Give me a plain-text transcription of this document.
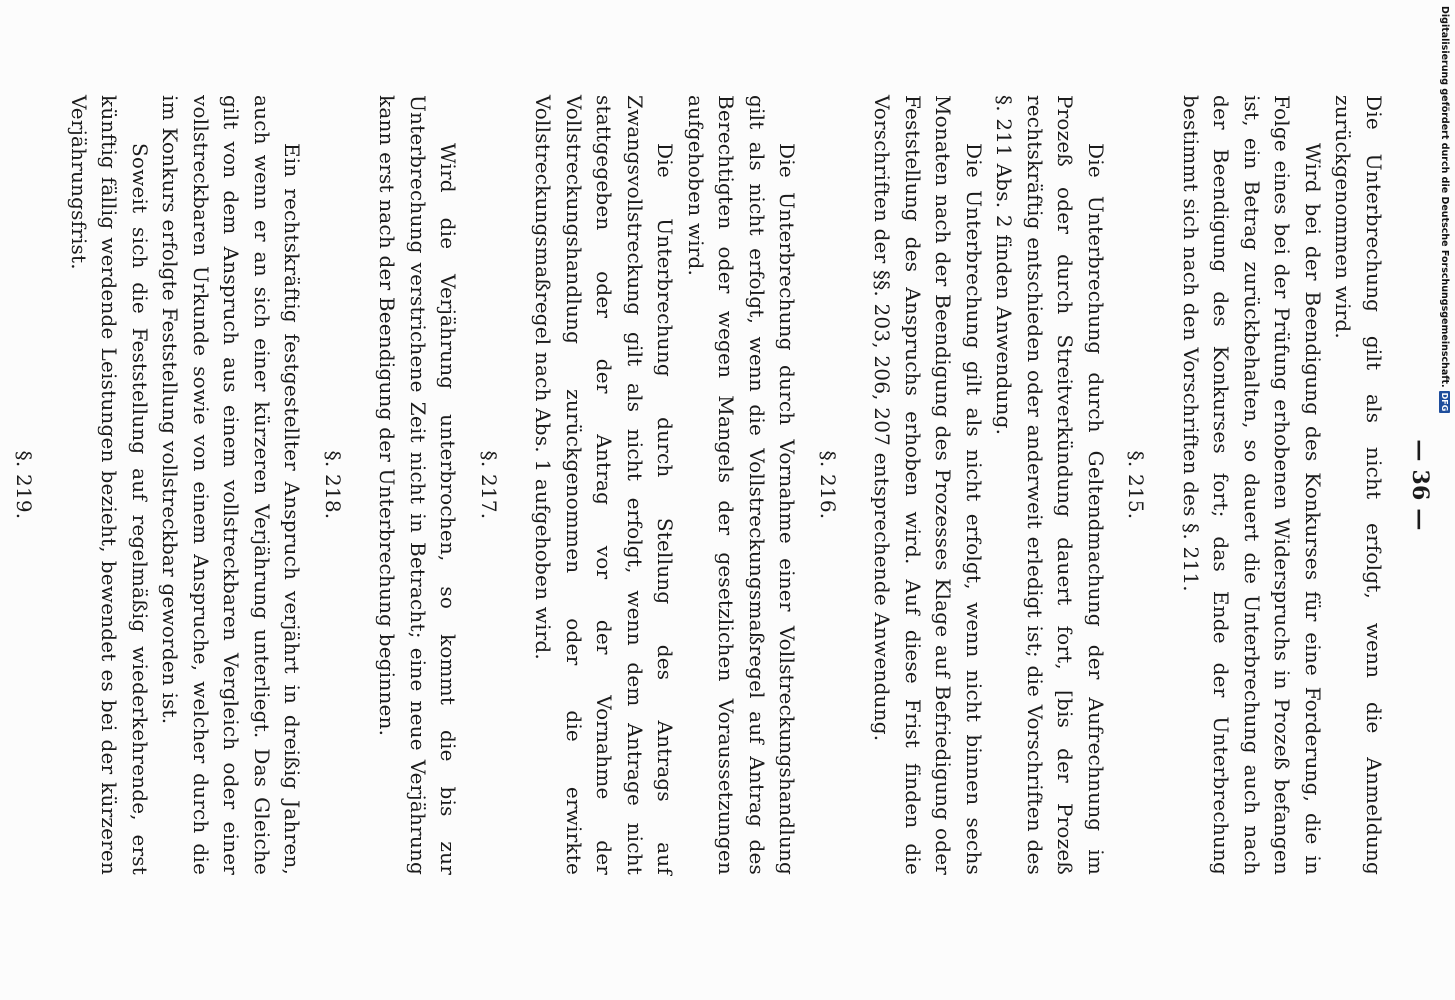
— 36 —

Die Unterbrechung gilt als nicht erfolgt, wenn die Anmeldung zurückgenommen wird.

Wird bei der Beendigung des Konkurses für eine Forderung, die in Folge eines bei der Prüfung erhobenen Widerspruchs in Prozeß befangen ist, ein Betrag zurückbehalten, so dauert die Unterbrechung auch nach der Beendigung des Konkurses fort; das Ende der Unterbrechung bestimmt sich nach den Vorschriften des §. 211.

§. 215.

Die Unterbrechung durch Geltendmachung der Aufrechnung im Prozeß oder durch Streitverkündung dauert fort, [bis der Prozeß rechtskräftig entschieden oder anderweit erledigt ist; die Vorschriften des §. 211 Abs. 2 finden Anwendung.

Die Unterbrechung gilt als nicht erfolgt, wenn nicht binnen sechs Monaten nach der Beendigung des Prozesses Klage auf Befriedigung oder Feststellung des Anspruchs erhoben wird. Auf diese Frist finden die Vorschriften der §§. 203, 206, 207 entsprechende Anwendung.

§. 216.

Die Unterbrechung durch Vornahme einer Vollstreckungshandlung gilt als nicht erfolgt, wenn die Vollstreckungsmaßregel auf Antrag des Berechtigten oder wegen Mangels der gesetzlichen Voraussetzungen aufgehoben wird.

Die Unterbrechung durch Stellung des Antrags auf Zwangsvollstreckung gilt als nicht erfolgt, wenn dem Antrage nicht stattgegeben oder der Antrag vor der Vornahme der Vollstreckungshandlung zurückgenommen oder die erwirkte Vollstreckungsmaßregel nach Abs. 1 aufgehoben wird.

§. 217.

Wird die Verjährung unterbrochen, so kommt die bis zur Unterbrechung verstrichene Zeit nicht in Betracht; eine neue Verjährung kann erst nach der Beendigung der Unterbrechung beginnen.

§. 218.

Ein rechtskräftig festgestellter Anspruch verjährt in dreißig Jahren, auch wenn er an sich einer kürzeren Verjährung unterliegt. Das Gleiche gilt von dem Anspruch aus einem vollstreckbaren Vergleich oder einer vollstreckbaren Urkunde sowie von einem Anspruche, welcher durch die im Konkurs erfolgte Feststellung vollstreckbar geworden ist.

Soweit sich die Feststellung auf regelmäßig wiederkehrende, erst künftig fällig werdende Leistungen bezieht, bewendet es bei der kürzeren Verjährungsfrist.

§. 219.

Digitalisierung gefördert durch die Deutsche Forschungsgemeinschaft.
DFG
